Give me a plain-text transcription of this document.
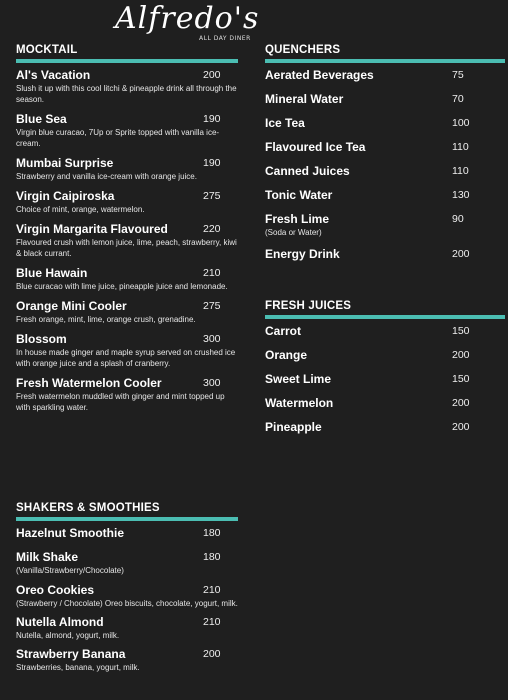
Alfredo's
ALL DAY DINER
MOCKTAIL
Al's Vacation	200
Slush it up with this cool litchi & pineapple drink all through the season.
Blue Sea	190
Virgin blue curacao, 7Up or Sprite topped with vanilla ice-cream.
Mumbai Surprise	190
Strawberry and vanilla ice-cream with orange juice.
Virgin Caipiroska	275
Choice of mint, orange, watermelon.
Virgin Margarita Flavoured	220
Flavoured crush with lemon juice, lime, peach, strawberry, kiwi & black currant.
Blue Hawain	210
Blue curacao with lime juice, pineapple juice and lemonade.
Orange Mini Cooler	275
Fresh orange, mint, lime, orange crush, grenadine.
Blossom	300
In house made ginger and maple syrup served on crushed ice with orange juice and a splash of cranberry.
Fresh Watermelon Cooler	300
Fresh watermelon muddled with ginger and mint topped up with sparkling water.
QUENCHERS
Aerated Beverages	75
Mineral Water	70
Ice Tea	100
Flavoured Ice Tea	110
Canned Juices	110
Tonic Water	130
Fresh Lime	90
(Soda or Water)
Energy Drink	200
FRESH JUICES
Carrot	150
Orange	200
Sweet Lime	150
Watermelon	200
Pineapple	200
SHAKERS & SMOOTHIES
Hazelnut Smoothie	180
Milk Shake	180
(Vanilla/Strawberry/Chocolate)
Oreo Cookies	210
(Strawberry / Chocolate) Oreo biscuits, chocolate, yogurt, milk.
Nutella Almond	210
Nutella, almond, yogurt, milk.
Strawberry Banana	200
Strawberries, banana, yogurt, milk.
